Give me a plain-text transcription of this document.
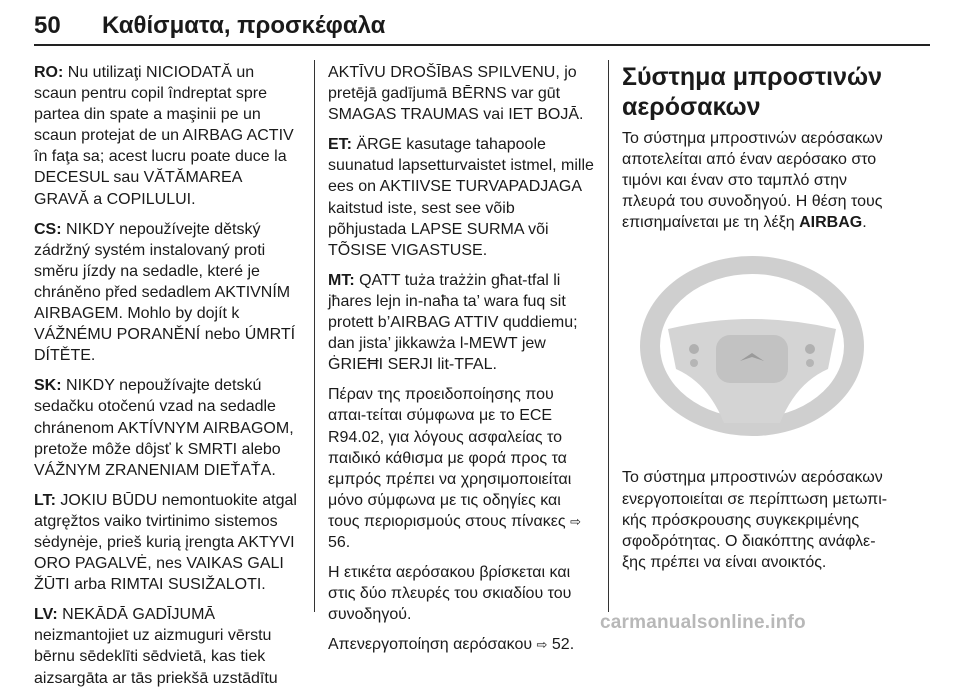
50	Καθίσματα, προσκέφαλα

RO: Nu utilizaţi NICIODATĂ un scaun pentru copil îndreptat spre partea din spate a maşinii pe un scaun protejat de un AIRBAG ACTIV în faţa sa; acest lucru poate duce la DECESUL sau VĂTĂMAREA GRAVĂ a COPILULUI.

CS: NIKDY nepoužívejte dětský zádržný systém instalovaný proti směru jízdy na sedadle, které je chráněno před sedadlem AKTIVNÍM AIRBAGEM. Mohlo by dojít k VÁŽNÉMU PORANĚNÍ nebo ÚMRTÍ DÍTĚTE.

SK: NIKDY nepoužívajte detskú sedačku otočenú vzad na sedadle chránenom AKTÍVNYM AIRBAGOM, pretože môže dôjsť k SMRTI alebo VÁŽNYM ZRANENIAM DIEŤAŤA.

LT: JOKIU BŪDU nemontuokite atgal atgręžtos vaiko tvirtinimo sistemos sėdynėje, prieš kurią įrengta AKTYVI ORO PAGALVĖ, nes VAIKAS GALI ŽŪTI arba RIMTAI SUSIŽALOTI.

LV: NEKĀDĀ GADĪJUMĀ neizmantojiet uz aizmuguri vērstu bērnu sēdeklīti sēdvietā, kas tiek aizsargāta ar tās priekšā uzstādītu

AKTĪVU DROŠĪBAS SPILVENU, jo pretējā gadījumā BĒRNS var gūt SMAGAS TRAUMAS vai IET BOJĀ.

ET: ÄRGE kasutage tahapoole suunatud lapsetturvaistet istmel, mille ees on AKTIIVSE TURVAPADJAGA kaitstud iste, sest see võib põhjustada LAPSE SURMA või TÕSISE VIGASTUSE.

MT: QATT tuża trażżin għat-tfal li jħares lejn in-naħa ta’ wara fuq sit protett b’AIRBAG ATTIV quddiemu; dan jista’ jikkawża l-MEWT jew ĠRIEĦI SERJI lit-TFAL.

Πέραν της προειδοποίησης που απαι‐τείται σύμφωνα με το ECE R94.02, για λόγους ασφαλείας το παιδικό κάθισμα με φορά προς τα εμπρός πρέπει να χρησιμοποιείται μόνο σύμφωνα με τις οδηγίες και τους περιορισμούς στους πίνακες ⇨ 56.

Η ετικέτα αερόσακου βρίσκεται και στις δύο πλευρές του σκιαδίου του συνοδηγού.

Απενεργοποίηση αερόσακου ⇨ 52.

Σύστημα μπροστινών αερόσακων

Το σύστημα μπροστινών αερόσακων αποτελείται από έναν αερόσακο στο τιμόνι και έναν στο ταμπλό στην πλευρά του συνοδηγού. Η θέση τους επισημαίνεται με τη λέξη AIRBAG.

Το σύστημα μπροστινών αερόσακων ενεργοποιείται σε περίπτωση μετωπι‐κής πρόσκρουσης συγκεκριμένης σφοδρότητας. Ο διακόπτης ανάφλε‐ξης πρέπει να είναι ανοικτός.

carmanualsonline.info
